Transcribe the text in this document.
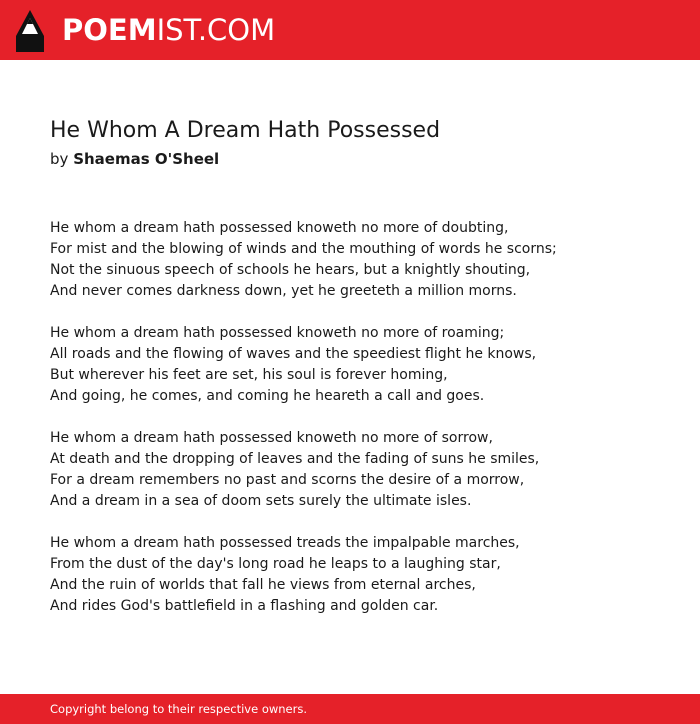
POEMIST.COM
He Whom A Dream Hath Possessed
by Shaemas O'Sheel
He whom a dream hath possessed knoweth no more of doubting,
For mist and the blowing of winds and the mouthing of words he scorns;
Not the sinuous speech of schools he hears, but a knightly shouting,
And never comes darkness down, yet he greeteth a million morns.
He whom a dream hath possessed knoweth no more of roaming;
All roads and the flowing of waves and the speediest flight he knows,
But wherever his feet are set, his soul is forever homing,
And going, he comes, and coming he heareth a call and goes.
He whom a dream hath possessed knoweth no more of sorrow,
At death and the dropping of leaves and the fading of suns he smiles,
For a dream remembers no past and scorns the desire of a morrow,
And a dream in a sea of doom sets surely the ultimate isles.
He whom a dream hath possessed treads the impalpable marches,
From the dust of the day's long road he leaps to a laughing star,
And the ruin of worlds that fall he views from eternal arches,
And rides God's battlefield in a flashing and golden car.
Copyright belong to their respective owners.
